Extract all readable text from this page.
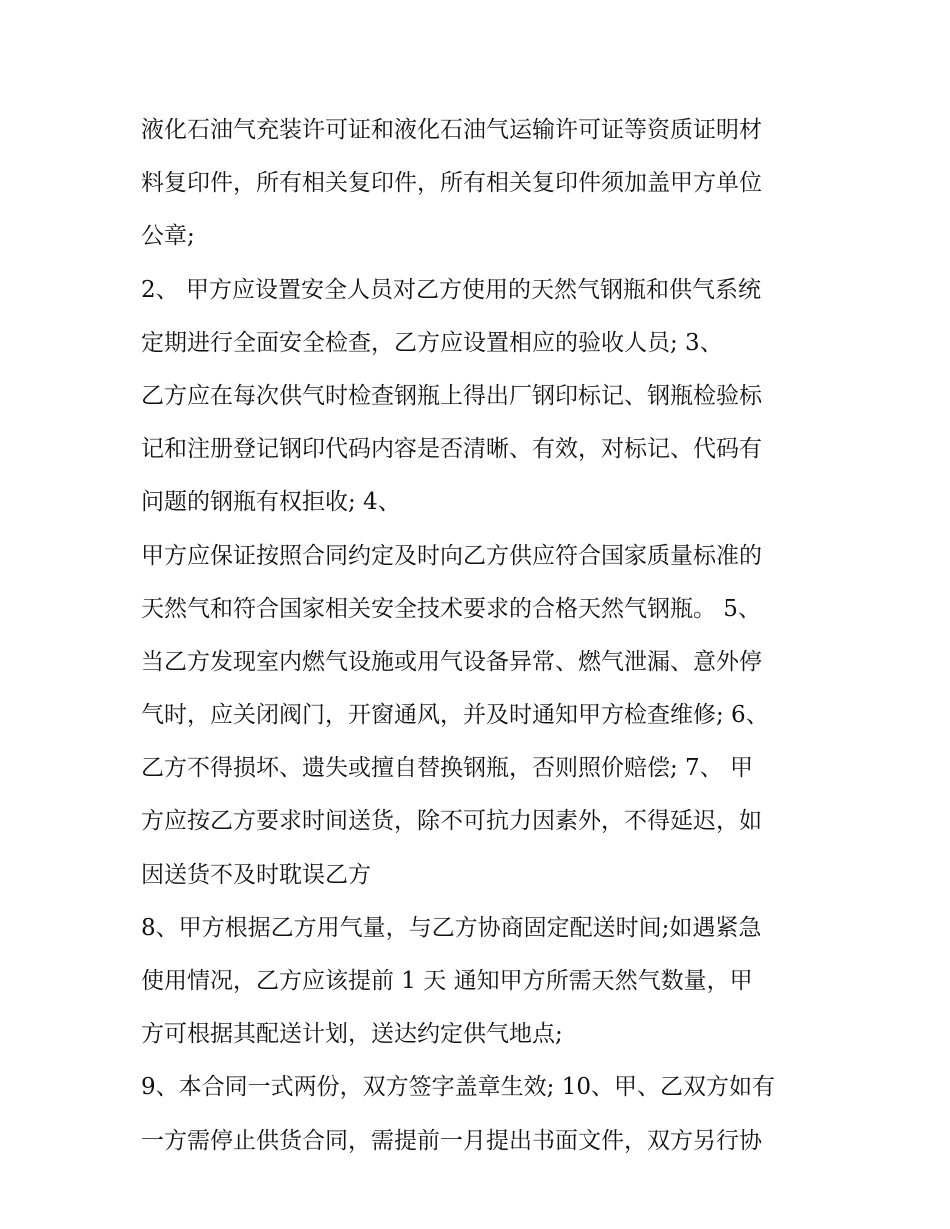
液化石油气充装许可证和液化石油气运输许可证等资质证明材
料复印件，所有相关复印件，所有相关复印件须加盖甲方单位
公章;
2、 甲方应设置安全人员对乙方使用的天然气钢瓶和供气系统
定期进行全面安全检查，乙方应设置相应的验收人员; 3、
乙方应在每次供气时检查钢瓶上得出厂钢印标记、钢瓶检验标
记和注册登记钢印代码内容是否清晰、有效，对标记、代码有
问题的钢瓶有权拒收; 4、
甲方应保证按照合同约定及时向乙方供应符合国家质量标准的
天然气和符合国家相关安全技术要求的合格天然气钢瓶。 5、
当乙方发现室内燃气设施或用气设备异常、燃气泄漏、意外停
气时，应关闭阀门，开窗通风，并及时通知甲方检查维修; 6、
乙方不得损坏、遗失或擅自替换钢瓶，否则照价赔偿; 7、 甲
方应按乙方要求时间送货，除不可抗力因素外，不得延迟，如
因送货不及时耽误乙方
8、甲方根据乙方用气量，与乙方协商固定配送时间;如遇紧急
使用情况，乙方应该提前 1 天 通知甲方所需天然气数量，甲
方可根据其配送计划，送达约定供气地点;
9、本合同一式两份，双方签字盖章生效; 10、甲、乙双方如有
一方需停止供货合同，需提前一月提出书面文件，双方另行协
